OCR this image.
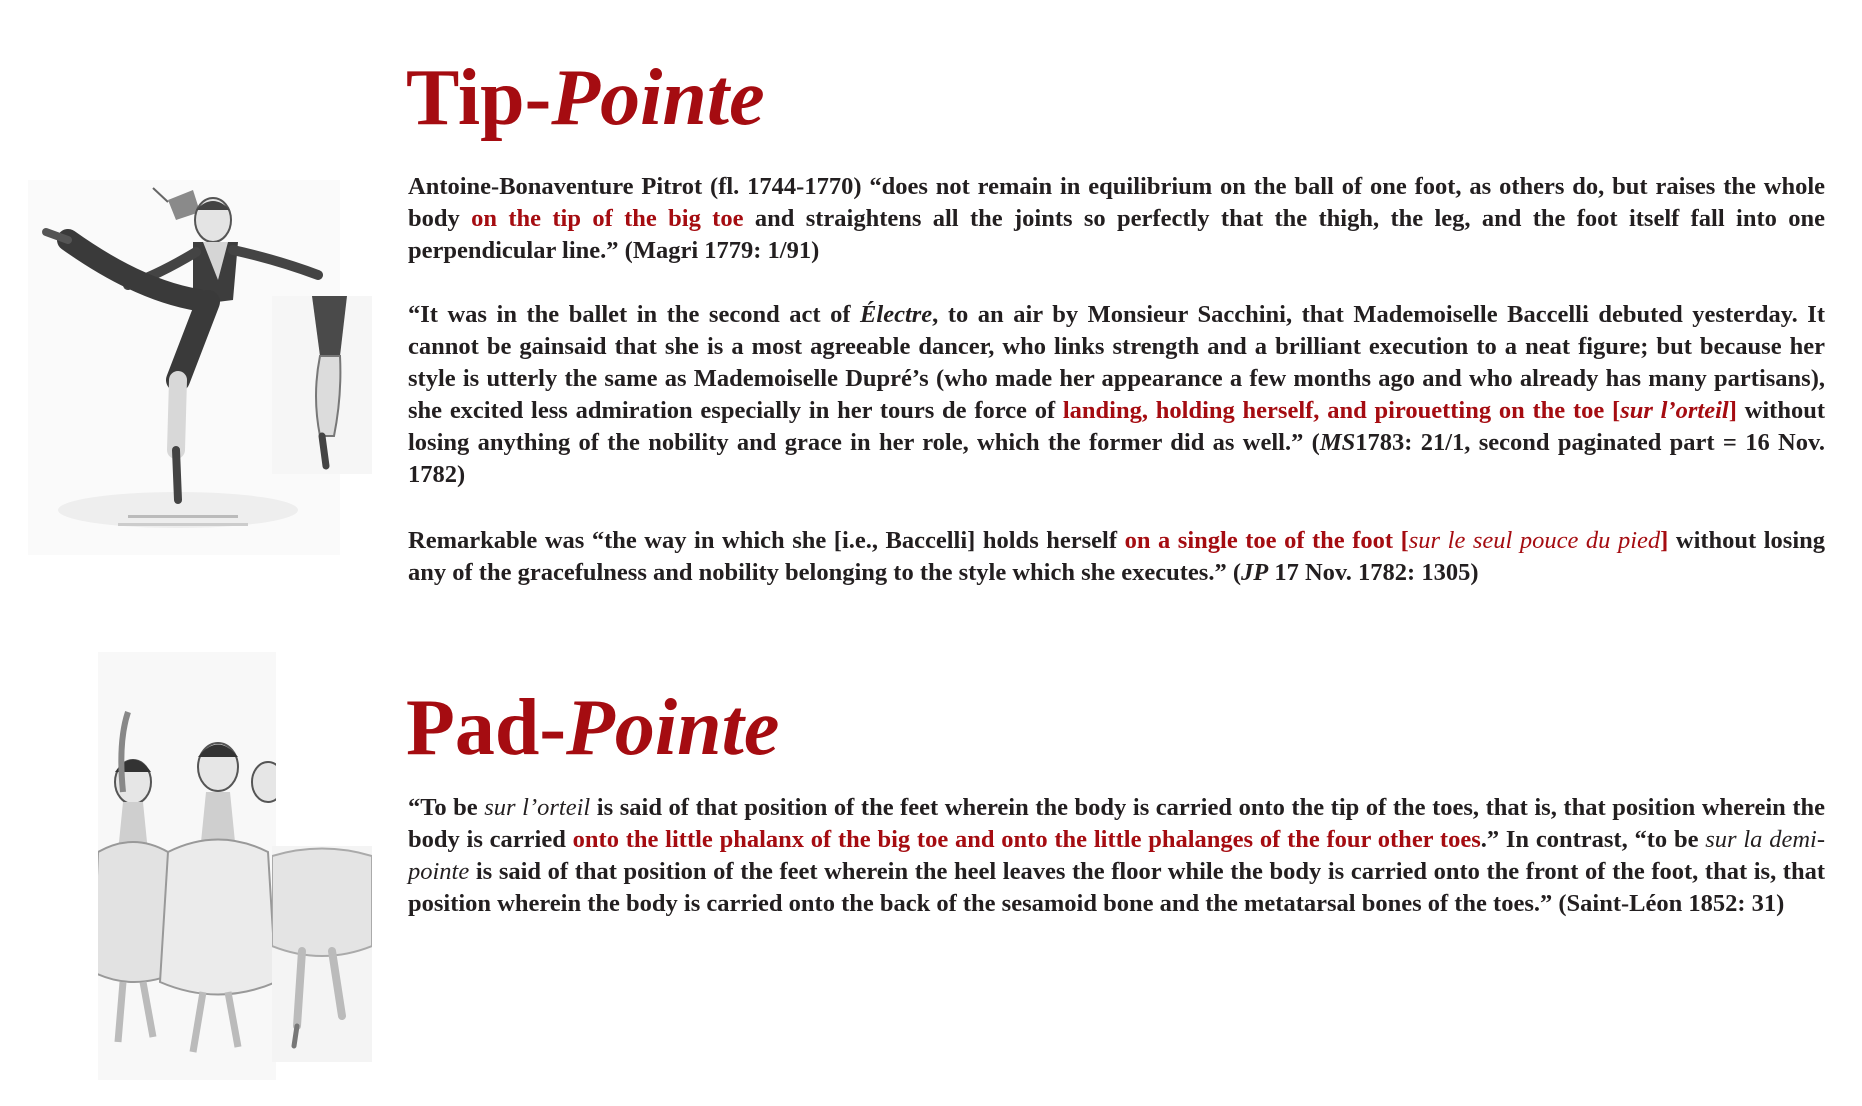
Tip-Pointe
Pad-Pointe

Antoine-Bonaventure Pitrot (fl. 1744-1770) “does not remain in equilibrium on the ball of one foot, as others do, but raises the whole body on the tip of the big toe and straightens all the joints so perfectly that the thigh, the leg, and the foot itself fall into one perpendicular line.” (Magri 1779: 1/91)

“It was in the ballet in the second act of Électre, to an air by Monsieur Sacchini, that Mademoiselle Baccelli debuted yesterday. It cannot be gainsaid that she is a most agreeable dancer, who links strength and a brilliant execution to a neat figure; but because her style is utterly the same as Mademoiselle Dupré’s (who made her appearance a few months ago and who already has many partisans), she excited less admiration especially in her tours de force of landing, holding herself, and pirouetting on the toe [sur l’orteil] without losing anything of the nobility and grace in her role, which the former did as well.” (MS1783: 21/1, second paginated part = 16 Nov. 1782)

Remarkable was “the way in which she [i.e., Baccelli] holds herself on a single toe of the foot [sur le seul pouce du pied] without losing any of the gracefulness and nobility belonging to the style which she executes.” (JP 17 Nov. 1782: 1305)

“To be sur l’orteil is said of that position of the feet wherein the body is carried onto the tip of the toes, that is, that position wherein the body is carried onto the little phalanx of the big toe and onto the little phalanges of the four other toes.” In contrast, “to be sur la demi-pointe is said of that position of the feet wherein the heel leaves the floor while the body is carried onto the front of the foot, that is, that position wherein the body is carried onto the back of the sesamoid bone and the metatarsal bones of the toes.” (Saint-Léon 1852: 31)
